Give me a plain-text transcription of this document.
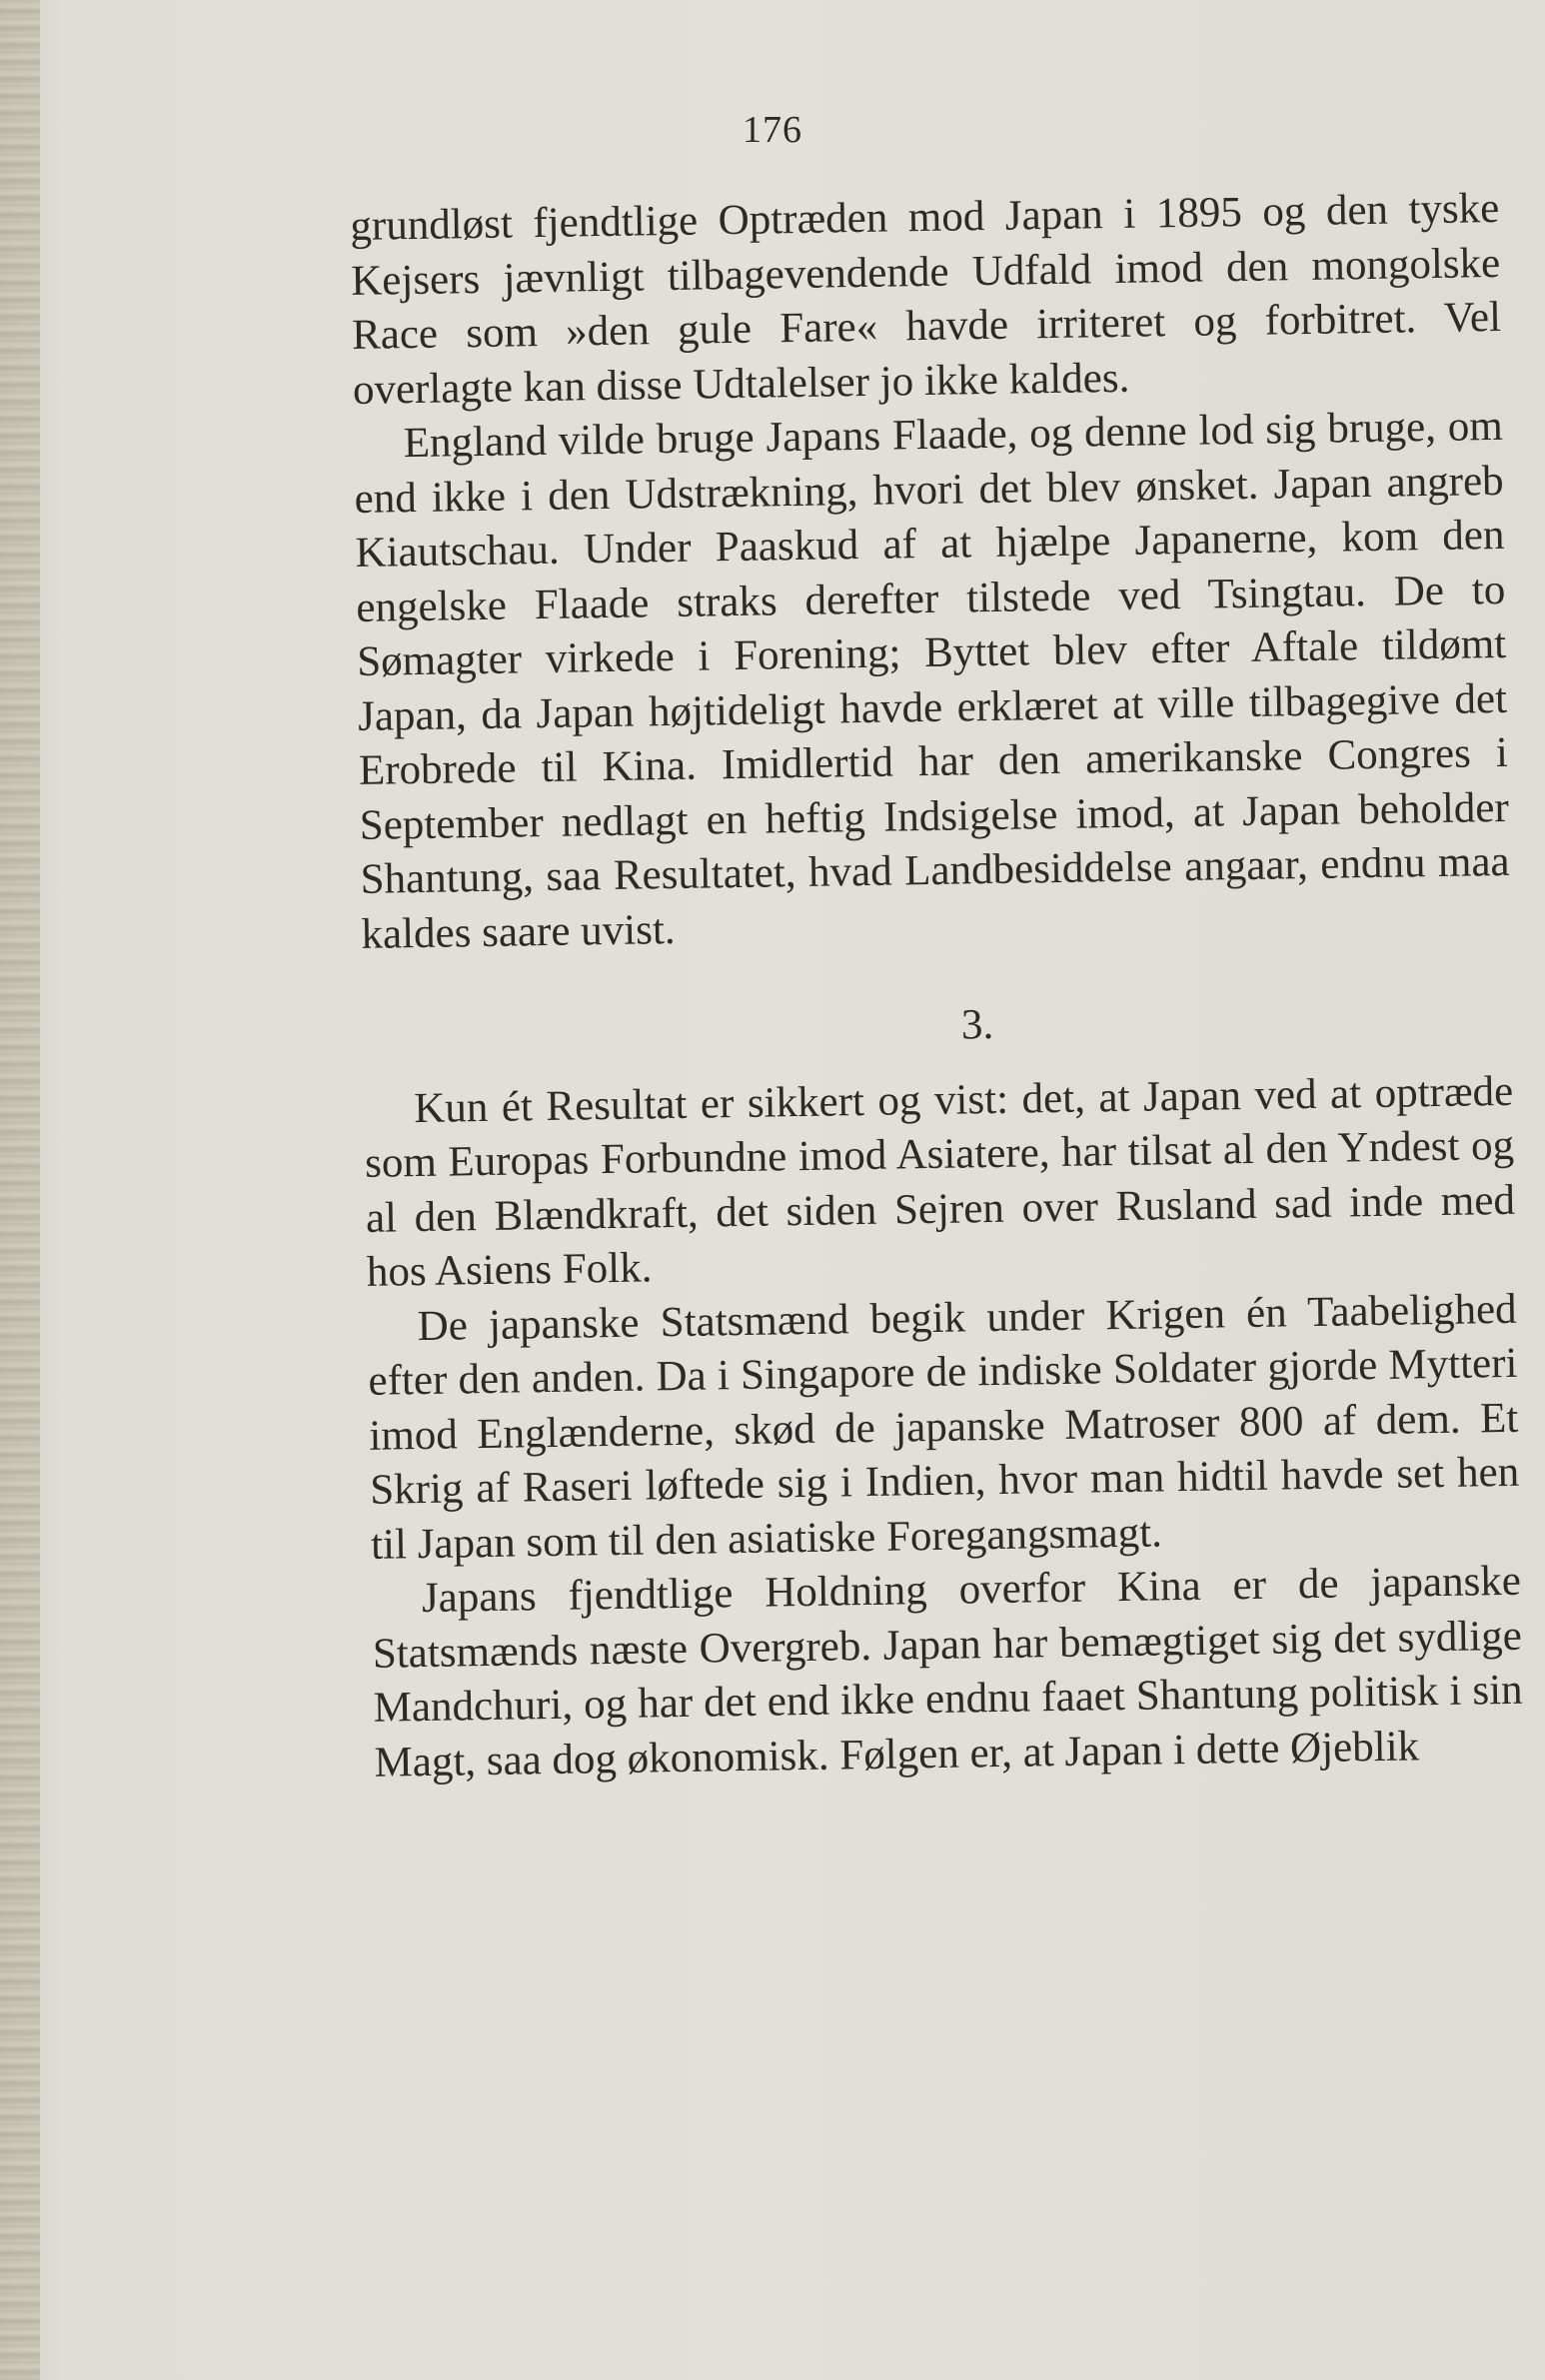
176

grundløst fjendtlige Optræden mod Japan i 1895 og den tyske Kejsers jævnligt tilbagevendende Udfald imod den mongolske Race som »den gule Fare« havde irriteret og forbitret. Vel overlagte kan disse Udtalelser jo ikke kaldes.

England vilde bruge Japans Flaade, og denne lod sig bruge, om end ikke i den Udstrækning, hvori det blev ønsket. Japan angreb Kiautschau. Under Paaskud af at hjælpe Japanerne, kom den engelske Flaade straks derefter tilstede ved Tsingtau. De to Sømagter virkede i Forening; Byttet blev efter Aftale tildømt Japan, da Japan højtideligt havde erklæret at ville tilbagegive det Erobrede til Kina. Imidlertid har den amerikanske Congres i September nedlagt en heftig Indsigelse imod, at Japan beholder Shantung, saa Resultatet, hvad Landbesiddelse angaar, endnu maa kaldes saare uvist.

3.

Kun ét Resultat er sikkert og vist: det, at Japan ved at optræde som Europas Forbundne imod Asiatere, har tilsat al den Yndest og al den Blændkraft, det siden Sejren over Rusland sad inde med hos Asiens Folk.

De japanske Statsmænd begik under Krigen én Taabelighed efter den anden. Da i Singapore de indiske Soldater gjorde Mytteri imod Englænderne, skød de japanske Matroser 800 af dem. Et Skrig af Raseri løftede sig i Indien, hvor man hidtil havde set hen til Japan som til den asiatiske Foregangsmagt.

Japans fjendtlige Holdning overfor Kina er de japanske Statsmænds næste Overgreb. Japan har bemægtiget sig det sydlige Mandchuri, og har det end ikke endnu faaet Shantung politisk i sin Magt, saa dog økonomisk. Følgen er, at Japan i dette Øjeblik
